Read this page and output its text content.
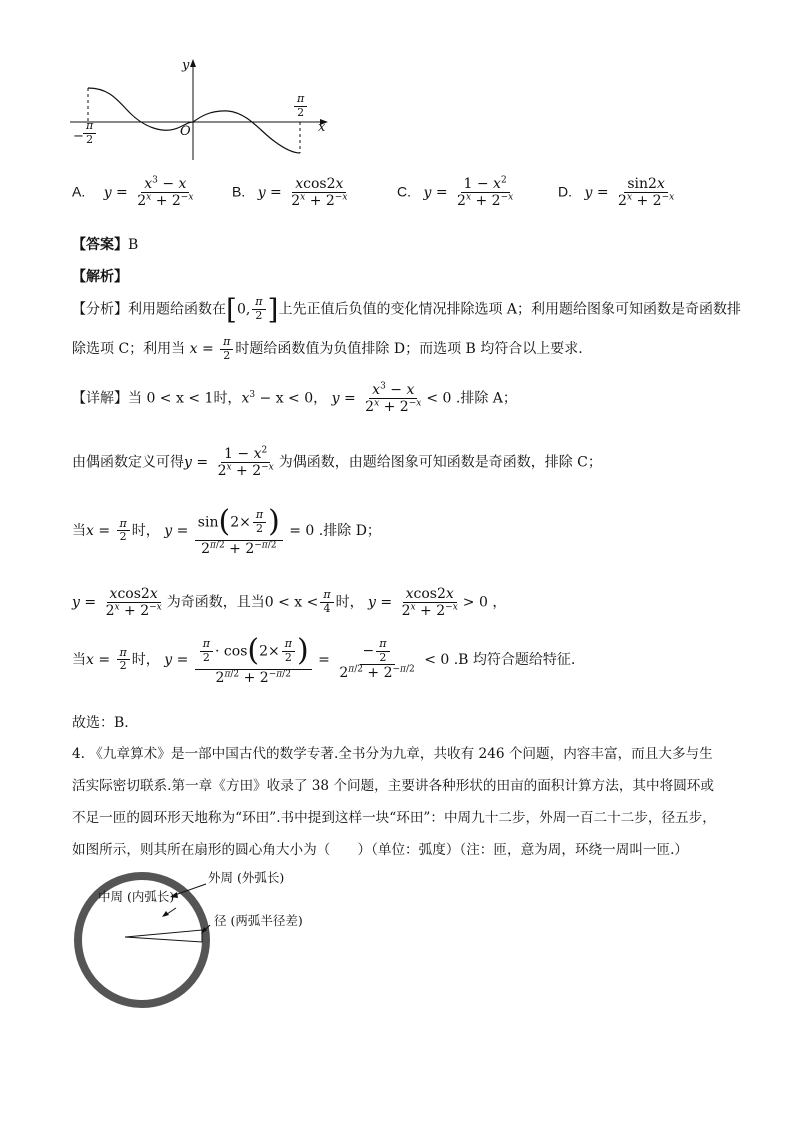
y
x
O
− $\frac{\pi}{2}$
$\frac{\pi}{2}$
A. $y = \frac{x^3 - x}{2^x + 2^{-x}}$	B. $y = \frac{xcos2x}{2^x + 2^{-x}}$	C. $y = \frac{1 - x^2}{2^x + 2^{-x}}$	D. $y = \frac{\sin 2x}{2^x + 2^{-x}}$
【答案】B
【解析】
【分析】利用题给函数在[0, $\frac{\pi}{2}$ ]上先正值后负值的变化情况排除选项 A；利用题给图象可知函数是奇函数排
除选项 C；利用当 $x = \frac{\pi}{2}$ 时题给函数值为负值排除 D；而选项 B 均符合以上要求.
【详解】当 0 < x < 1时，$x^3 - x < 0$， $y = \frac{x^3 - x}{2^x + 2^{-x}} < 0$ .排除 A；
由偶函数定义可得$y = \frac{1 - x^2}{2^x + 2^{-x}}$ 为偶函数，由题给图象可知函数是奇函数，排除 C；
当$x = \frac{\pi}{2}$ 时， $y = \frac{\sin(2\times \frac{\pi}{2} )}{2^{\pi/2} + 2^{-\pi/2}} = 0$ .排除 D；
$y = \frac{xcos2x}{2^x + 2^{-x}}$ 为奇函数，且当$0 < x < \frac{\pi}{4}$ 时， $y = \frac{xcos2x}{2^x + 2^{-x}} > 0$ ，
当$x = \frac{\pi}{2}$ 时， $y = \frac{\frac{\pi}{2} \cdot \cos(2\times \frac{\pi}{2} )}{2^{\pi/2} + 2^{-\pi/2}} = \frac{- \frac{\pi}{2}}{2^{\pi/2} + 2^{-\pi/2}} < 0$ .B 均符合题给特征.
故选：B.
4. 《九章算术》是一部中国古代的数学专著.全书分为九章，共收有 246 个问题，内容丰富，而且大多与生
活实际密切联系.第一章《方田》收录了 38 个问题，主要讲各种形状的田亩的面积计算方法，其中将圆环或
不足一匝的圆环形天地称为“环田”.书中提到这样一块“环田”：中周九十二步，外周一百二十二步，径五步，
如图所示，则其所在扇形的圆心角大小为（　　）（单位：弧度）（注：匝，意为周，环绕一周叫一匝.）
外周 (外弧长)
中周 (内弧长)
径 (两弧半径差)
